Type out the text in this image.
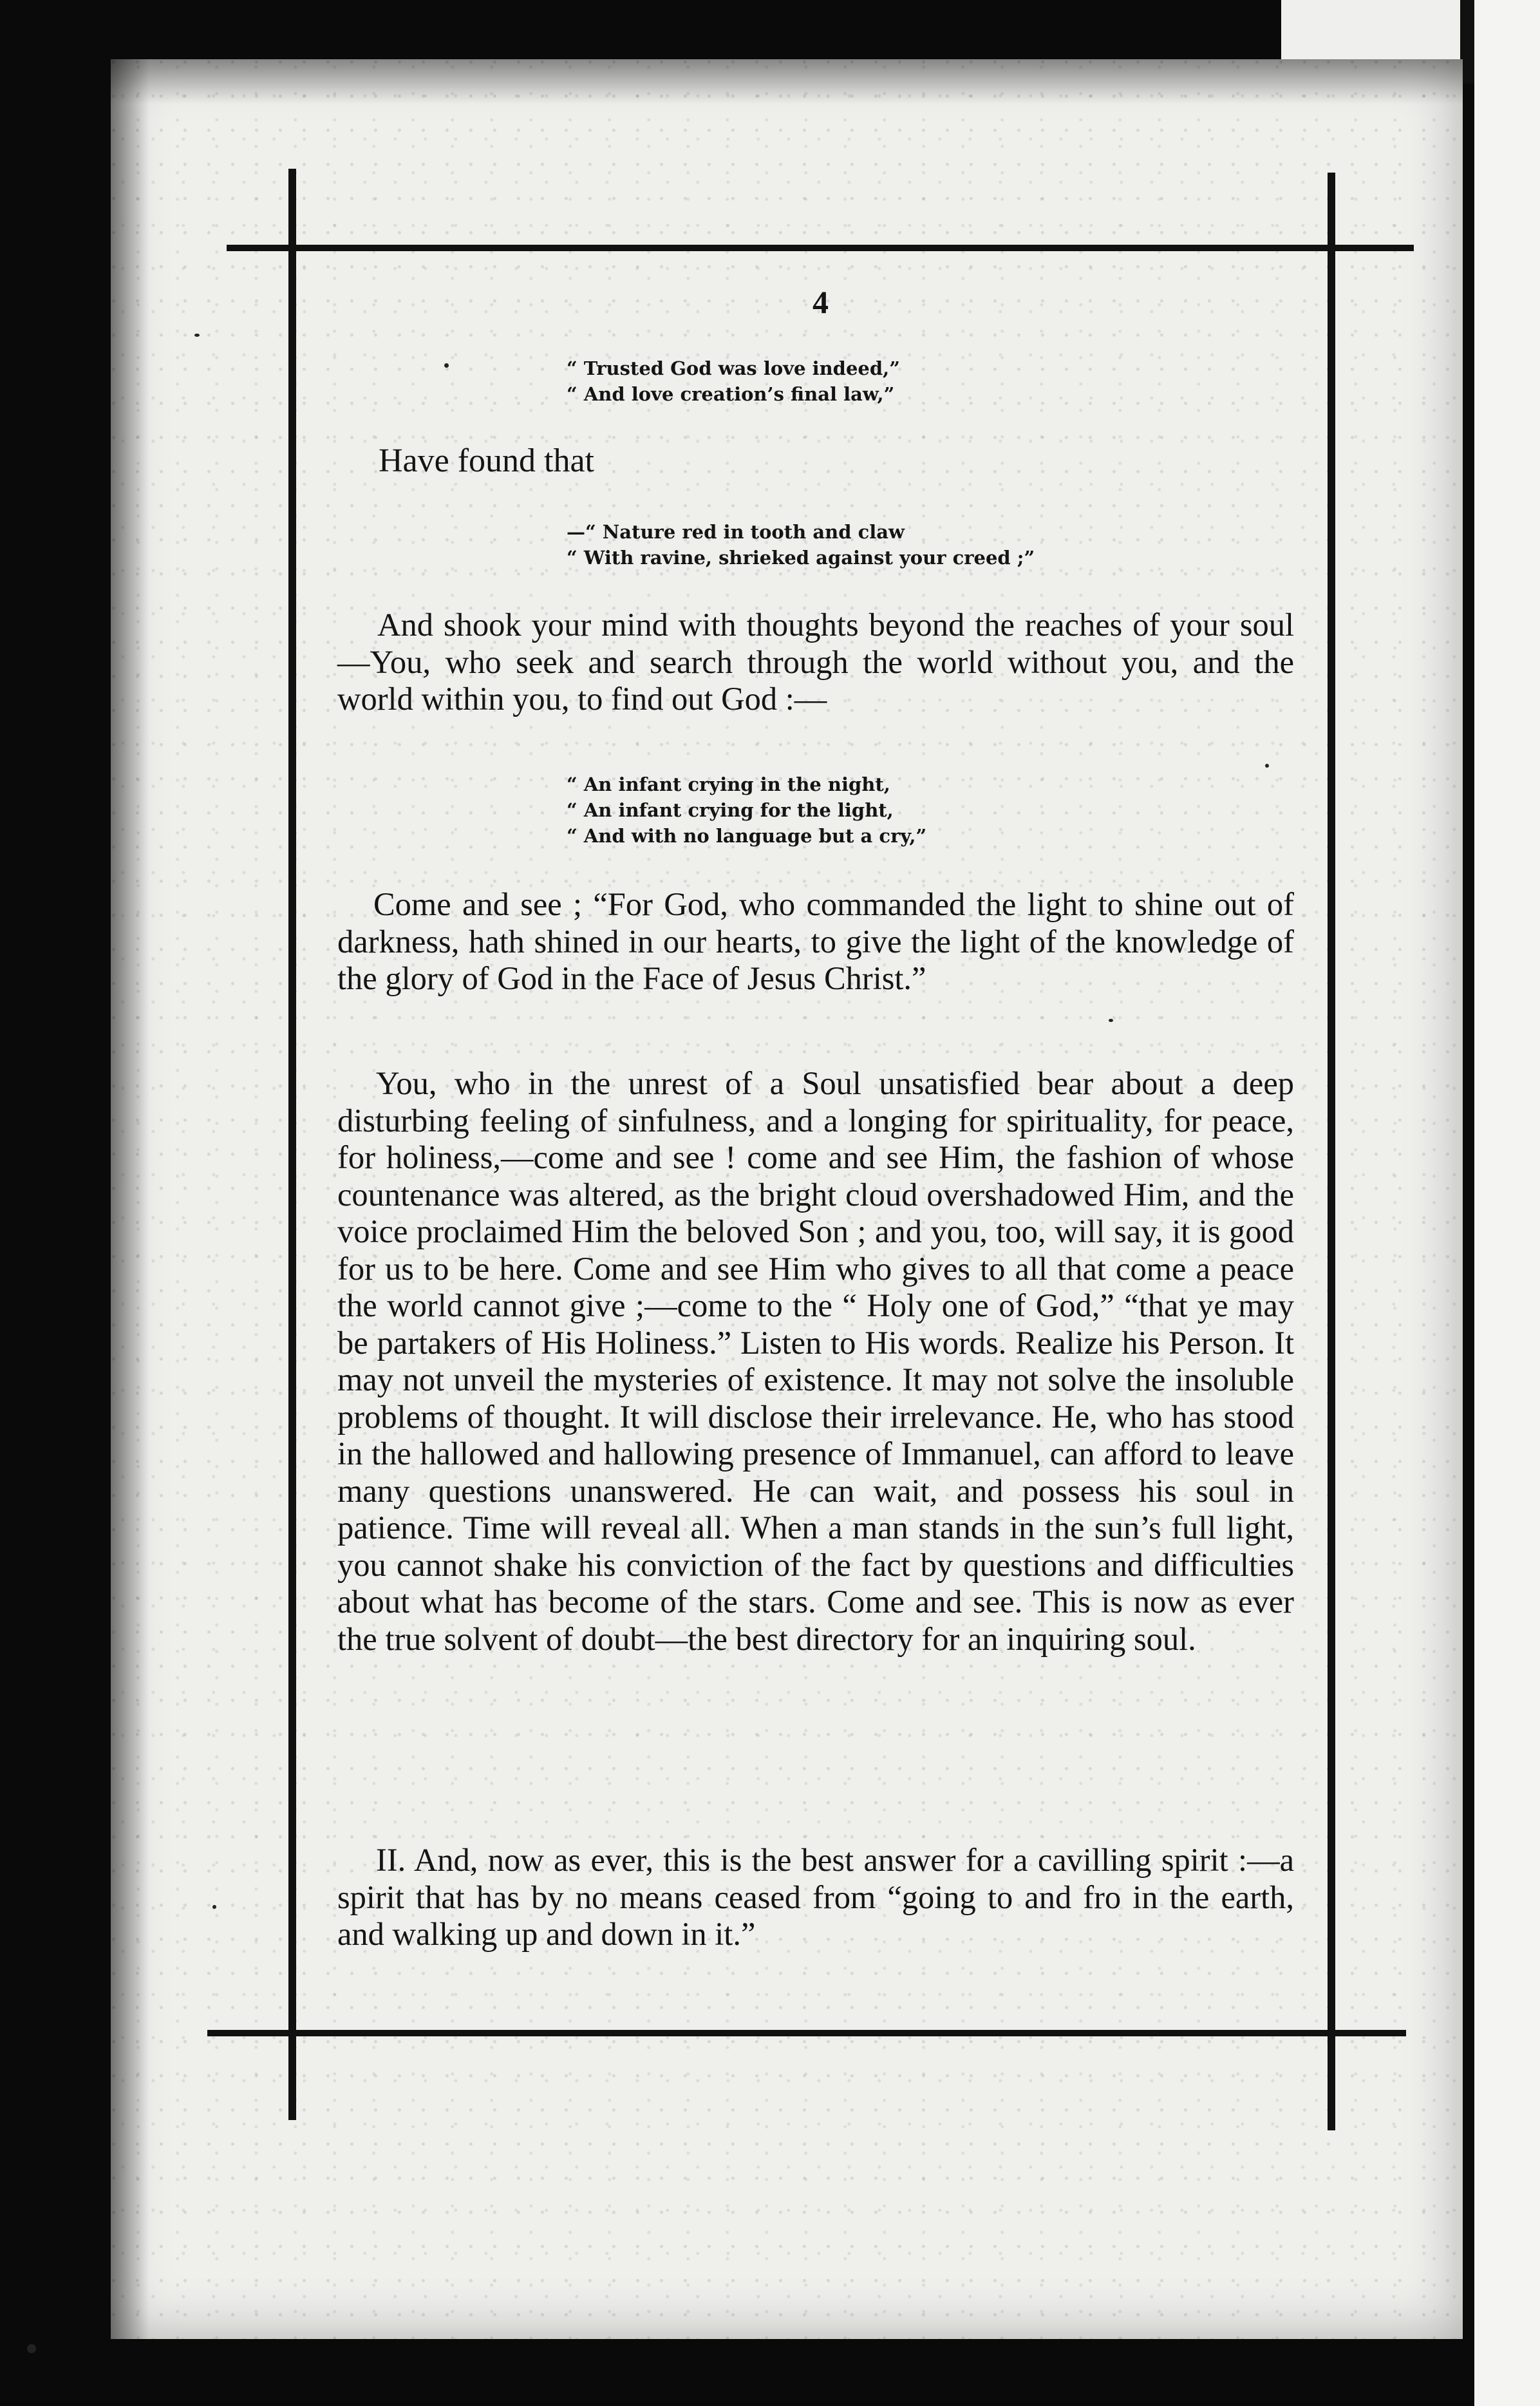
4
“ Trusted God was love indeed,”
“ And love creation’s final law,”
Have found that
—“ Nature red in tooth and claw
“ With ravine, shrieked against your creed ;”
And shook your mind with thoughts beyond the reaches of your soul—You, who seek and search through the world without you, and the world within you, to find out God :—
“ An infant crying in the night,
“ An infant crying for the light,
“ And with no language but a cry,”
Come and see ; “For God, who commanded the light to shine out of darkness, hath shined in our hearts, to give the light of the knowledge of the glory of God in the Face of Jesus Christ.”
You, who in the unrest of a Soul unsatisfied bear about a deep disturbing feeling of sinfulness, and a longing for spirituality, for peace, for holiness,—come and see ! come and see Him, the fashion of whose countenance was altered, as the bright cloud overshadowed Him, and the voice proclaimed Him the beloved Son ; and you, too, will say, it is good for us to be here. Come and see Him who gives to all that come a peace the world cannot give ;—come to the “ Holy one of God,” “that ye may be partakers of His Holiness.” Listen to His words. Realize his Person. It may not unveil the mysteries of existence. It may not solve the insoluble problems of thought. It will disclose their irrelevance. He, who has stood in the hallowed and hallowing presence of Immanuel, can afford to leave many questions unanswered. He can wait, and possess his soul in patience. Time will reveal all. When a man stands in the sun’s full light, you cannot shake his conviction of the fact by questions and difficulties about what has become of the stars. Come and see. This is now as ever the true solvent of doubt—the best directory for an inquiring soul.
II. And, now as ever, this is the best answer for a cavilling spirit :—a spirit that has by no means ceased from “going to and fro in the earth, and walking up and down in it.”
